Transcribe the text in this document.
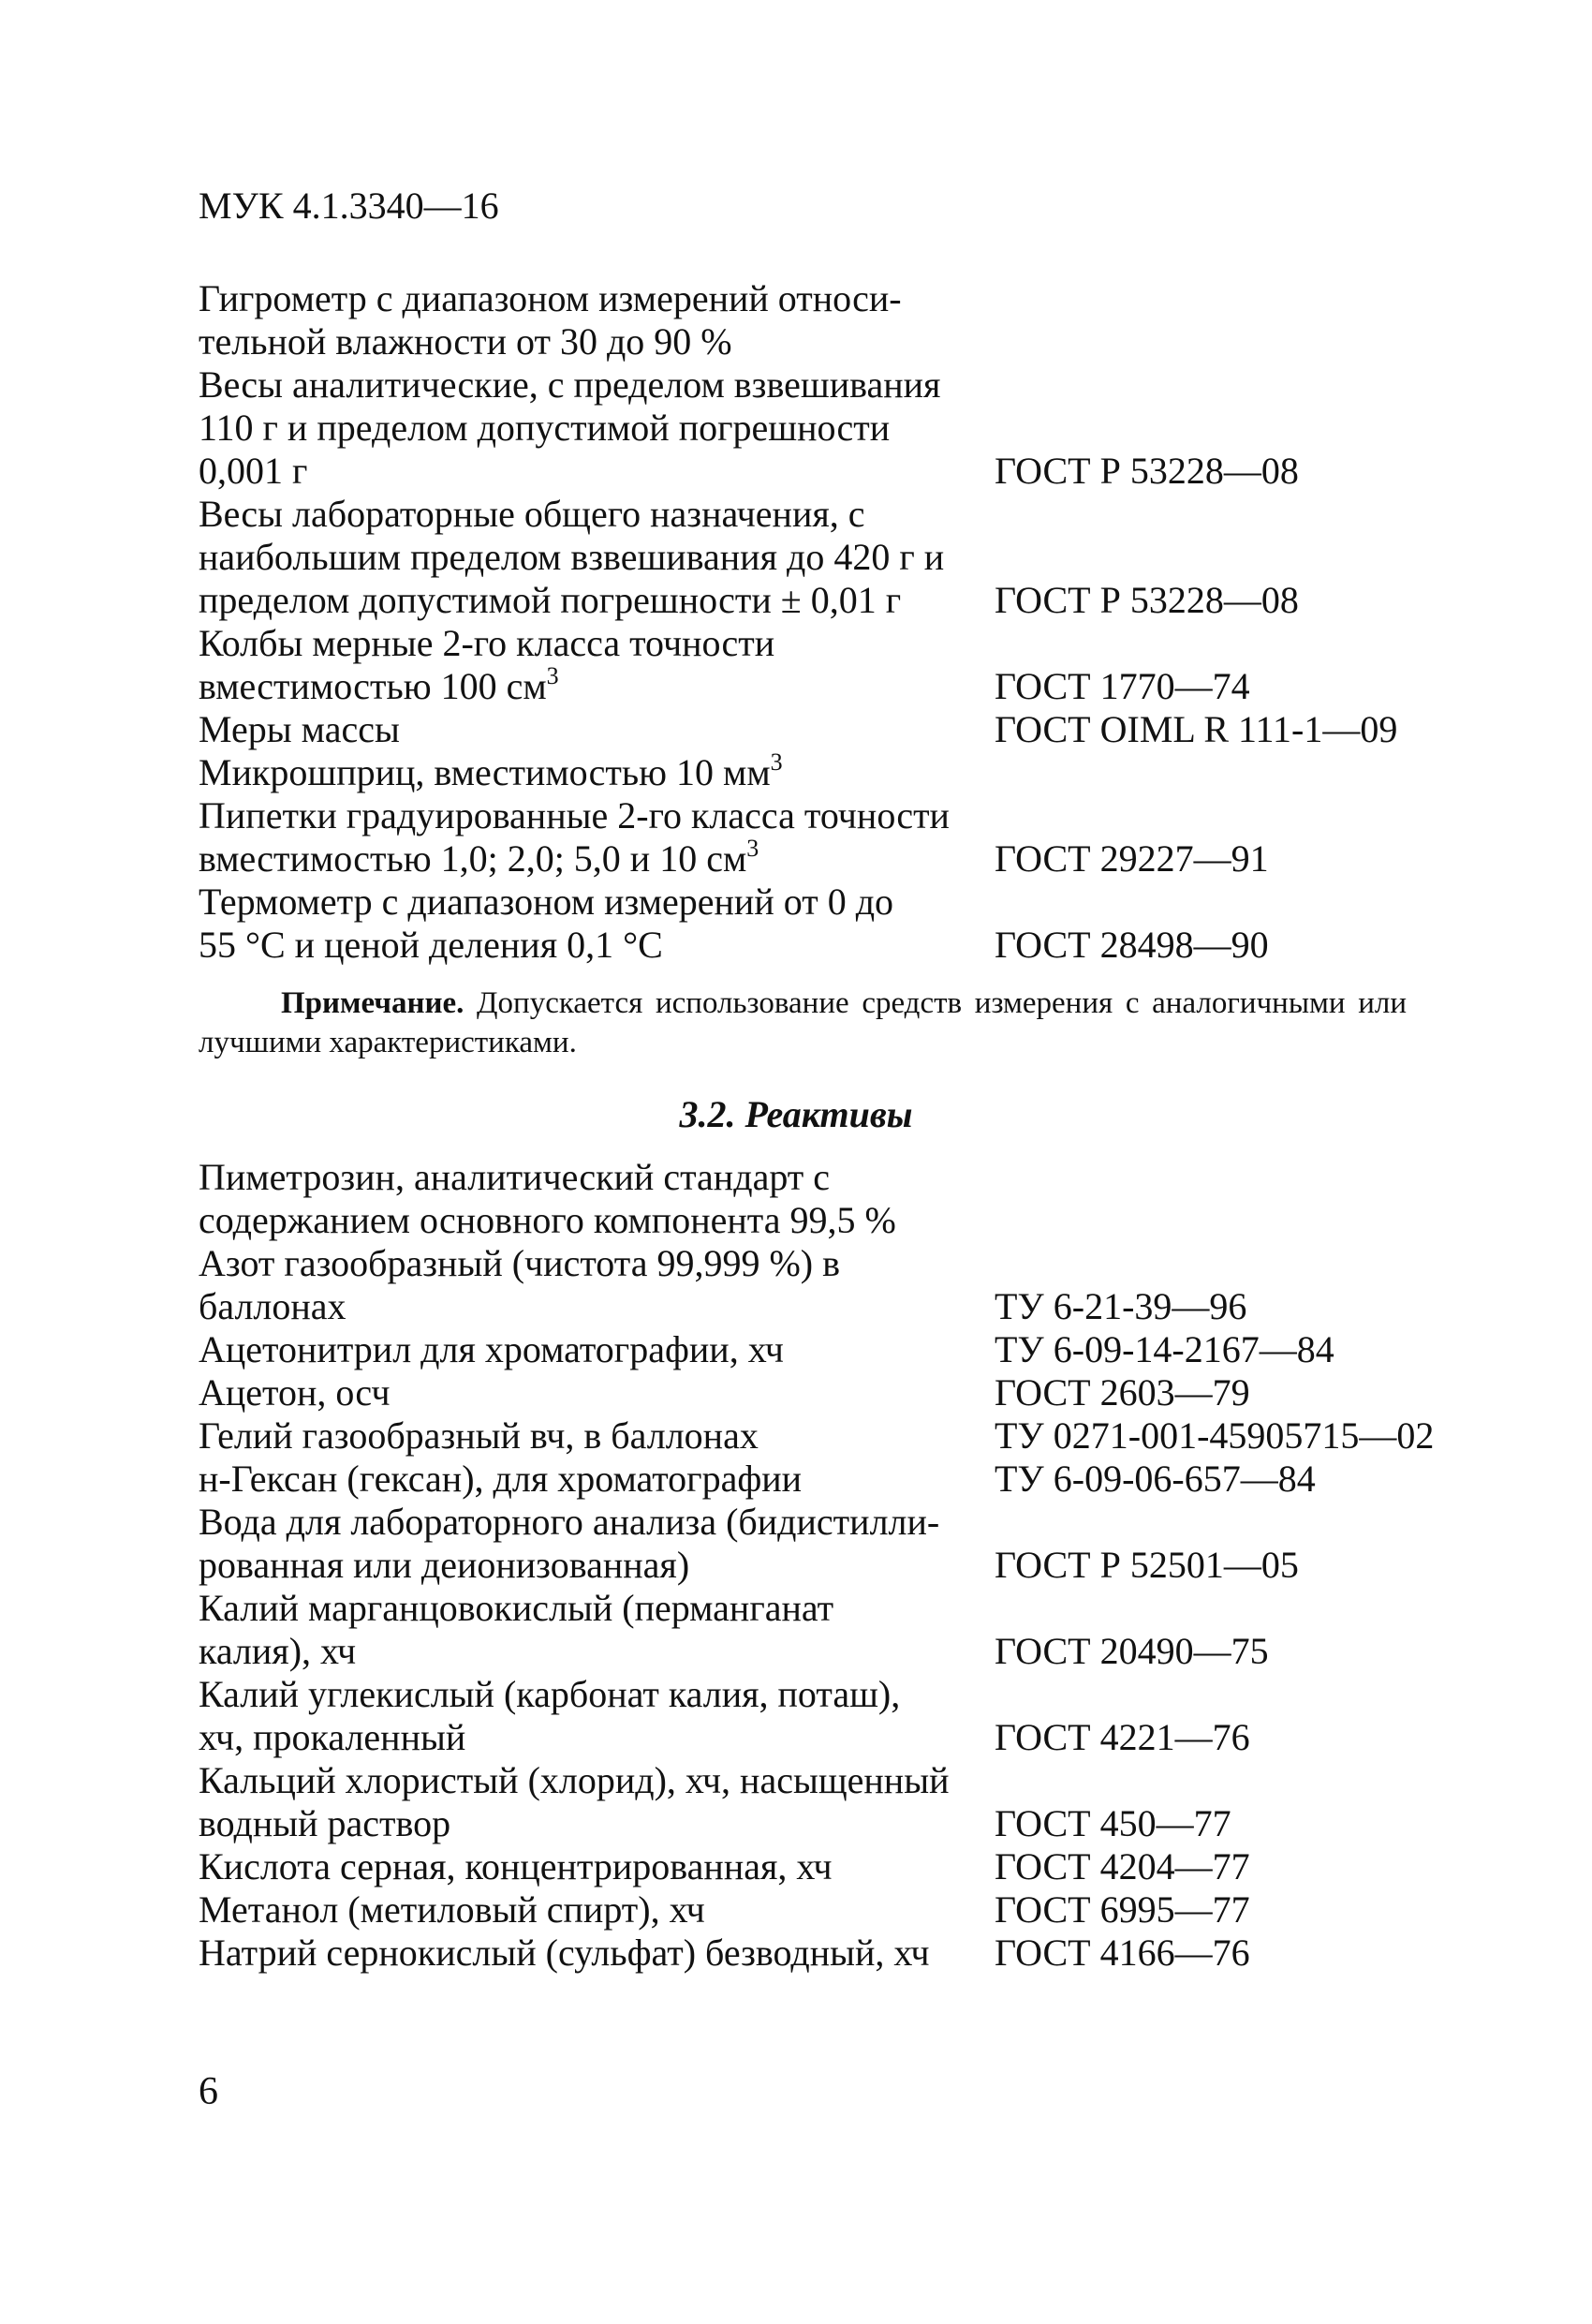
МУК 4.1.3340—16
Гигрометр с диапазоном измерений относи-
тельной влажности от 30 до 90 %
Весы аналитические, с пределом взвешивания
110 г и пределом допустимой погрешности
0,001 г	ГОСТ Р 53228—08
Весы лабораторные общего назначения, с
наибольшим пределом взвешивания до 420 г и
пределом допустимой погрешности ± 0,01 г	ГОСТ Р 53228—08
Колбы мерные 2-го класса точности
вместимостью 100 $см^3$	ГОСТ 1770—74
Меры массы	ГОСТ OIML R 111-1—09
Микрошприц, вместимостью 10 $мм^3$
Пипетки градуированные 2-го класса точности
вместимостью 1,0; 2,0; 5,0 и 10 $см^3$	ГОСТ 29227—91
Термометр с диапазоном измерений от 0 до
55 °С и ценой деления 0,1 °С	ГОСТ 28498—90
Примечание. Допускается использование средств измерения с аналогичными или лучшими характеристиками.
3.2. Реактивы
Пиметрозин, аналитический стандарт с
содержанием основного компонента 99,5 %
Азот газообразный (чистота 99,999 %) в
баллонах	ТУ 6-21-39—96
Ацетонитрил для хроматографии, хч	ТУ 6-09-14-2167—84
Ацетон, осч	ГОСТ 2603—79
Гелий газообразный вч, в баллонах	ТУ 0271-001-45905715—02
н-Гексан (гексан), для хроматографии	ТУ 6-09-06-657—84
Вода для лабораторного анализа (бидистилли-
рованная или деионизованная)	ГОСТ Р 52501—05
Калий марганцовокислый (перманганат
калия), хч	ГОСТ 20490—75
Калий углекислый (карбонат калия, поташ),
хч, прокаленный	ГОСТ 4221—76
Кальций хлористый (хлорид), хч, насыщенный
водный раствор	ГОСТ 450—77
Кислота серная, концентрированная, хч	ГОСТ 4204—77
Метанол (метиловый спирт), хч	ГОСТ 6995—77
Натрий сернокислый (сульфат) безводный, хч	ГОСТ 4166—76
6
